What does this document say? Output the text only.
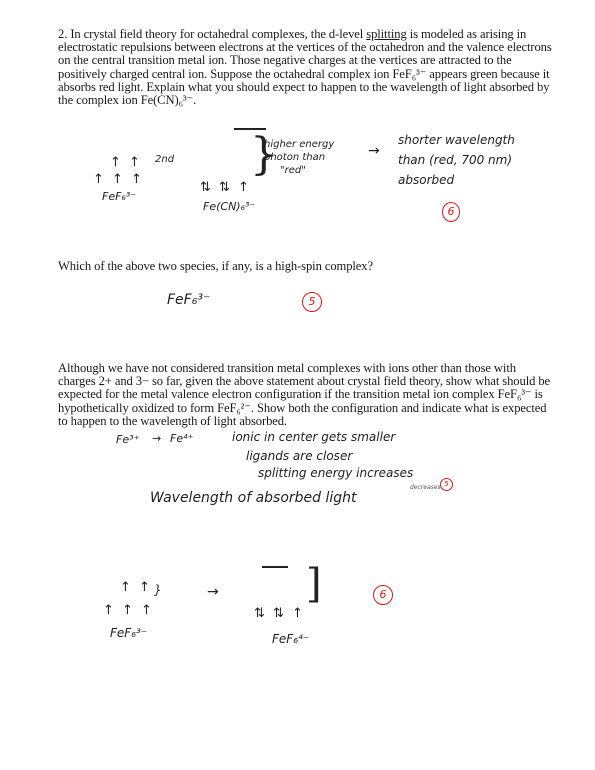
2. In crystal field theory for octahedral complexes, the d-level splitting is modeled as arising in electrostatic repulsions between electrons at the vertices of the octahedron and the valence electrons on the central transition metal ion. Those negative charges at the vertices are attracted to the positively charged central ion. Suppose the octahedral complex ion FeF₆³⁻ appears green because it absorbs red light. Explain what you should expect to happen to the wavelength of light absorbed by the complex ion Fe(CN)₆³⁻.
↑ ↑ 2nd
↑ ↑ ↑
FeF₆³⁻
}
⇅ ⇅ ↑
Fe(CN)₆³⁻
higher energy
photon than
"red"
→
shorter wavelength
than (red, 700 nm)
absorbed
6
Which of the above two species, if any, is a high-spin complex?
FeF₆³⁻	5
Although we have not considered transition metal complexes with ions other than those with charges 2+ and 3− so far, given the above statement about crystal field theory, show what should be expected for the metal valence electron configuration if the transition metal ion complex FeF₆³⁻ is hypothetically oxidized to form FeF₆²⁻. Show both the configuration and indicate what is expected to happen to the wavelength of light absorbed.
Fe³⁺ → Fe⁴⁺	ionic in center gets smaller
ligands are closer
splitting energy increases
Wavelength of absorbed light
decreases 5
↑ ↑ }
↑ ↑ ↑
FeF₆³⁻
→ ]
⇅ ⇅ ↑
FeF₆⁴⁻
6
